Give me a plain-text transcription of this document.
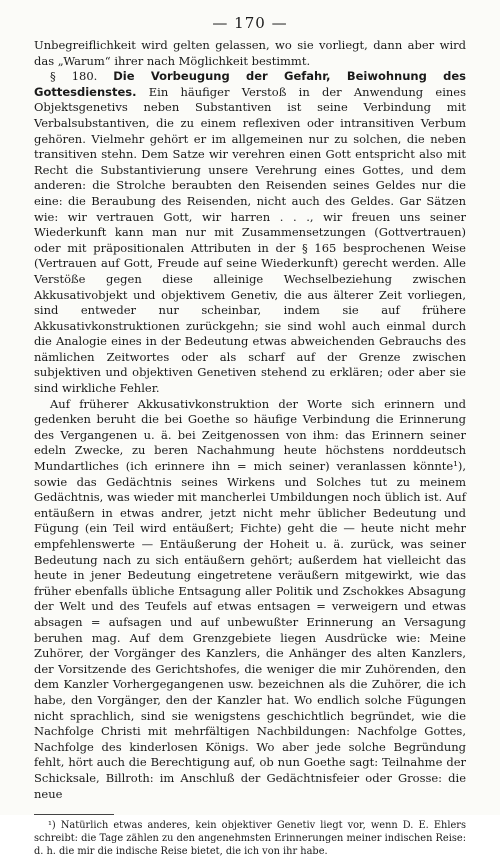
— 170 —

Unbegreiflichkeit wird gelten gelassen, wo sie vorliegt, dann aber wird das „Warum“ ihrer nach Möglichkeit bestimmt.

§ 180. Die Vorbeugung der Gefahr, Beiwohnung des Gottesdienstes. Ein häufiger Verstoß in der Anwendung eines Objektsgenetivs neben Substantiven ist seine Verbindung mit Verbalsubstantiven, die zu einem reflexiven oder intransitiven Verbum gehören. Vielmehr gehört er im allgemeinen nur zu solchen, die neben transitiven stehn. Dem Satze wir verehren einen Gott entspricht also mit Recht die Substantivierung unsere Verehrung eines Gottes, und dem anderen: die Strolche beraubten den Reisenden seines Geldes nur die eine: die Beraubung des Reisenden, nicht auch des Geldes. Gar Sätzen wie: wir vertrauen Gott, wir harren . . ., wir freuen uns seiner Wiederkunft kann man nur mit Zusammensetzungen (Gottvertrauen) oder mit präpositionalen Attributen in der § 165 besprochenen Weise (Vertrauen auf Gott, Freude auf seine Wiederkunft) gerecht werden. Alle Verstöße gegen diese alleinige Wechselbeziehung zwischen Akkusativobjekt und objektivem Genetiv, die aus älterer Zeit vorliegen, sind entweder nur scheinbar, indem sie auf frühere Akkusativkonstruktionen zurückgehn; sie sind wohl auch einmal durch die Analogie eines in der Bedeutung etwas abweichenden Gebrauchs des nämlichen Zeitwortes oder als scharf auf der Grenze zwischen subjektiven und objektiven Genetiven stehend zu erklären; oder aber sie sind wirkliche Fehler.

Auf früherer Akkusativkonstruktion der Worte sich erinnern und gedenken beruht die bei Goethe so häufige Verbindung die Erinnerung des Vergangenen u. ä. bei Zeitgenossen von ihm: das Erinnern seiner edeln Zwecke, zu beren Nachahmung heute höchstens norddeutsch Mundartliches (ich erinnere ihn = mich seiner) veranlassen könnte¹), sowie das Gedächtnis seines Wirkens und Solches tut zu meinem Gedächtnis, was wieder mit mancherlei Umbildungen noch üblich ist. Auf entäußern in etwas andrer, jetzt nicht mehr üblicher Bedeutung und Fügung (ein Teil wird entäußert; Fichte) geht die — heute nicht mehr empfehlenswerte — Entäußerung der Hoheit u. ä. zurück, was seiner Bedeutung nach zu sich entäußern gehört; außerdem hat vielleicht das heute in jener Bedeutung eingetretene veräußern mitgewirkt, wie das früher ebenfalls übliche Entsagung aller Politik und Zschokkes Absagung der Welt und des Teufels auf etwas entsagen = verweigern und etwas absagen = aufsagen und auf unbewußter Erinnerung an Versagung beruhen mag. Auf dem Grenzgebiete liegen Ausdrücke wie: Meine Zuhörer, der Vorgänger des Kanzlers, die Anhänger des alten Kanzlers, der Vorsitzende des Gerichtshofes, die weniger die mir Zuhörenden, den dem Kanzler Vorhergegangenen usw. bezeichnen als die Zuhörer, die ich habe, den Vorgänger, den der Kanzler hat. Wo endlich solche Fügungen nicht sprachlich, sind sie wenigstens geschichtlich begründet, wie die Nachfolge Christi mit mehrfältigen Nachbildungen: Nachfolge Gottes, Nachfolge des kinderlosen Königs. Wo aber jede solche Begründung fehlt, hört auch die Berechtigung auf, ob nun Goethe sagt: Teilnahme der Schicksale, Billroth: im Anschluß der Gedächtnisfeier oder Grosse: die neue

¹) Natürlich etwas anderes, kein objektiver Genetiv liegt vor, wenn D. E. Ehlers schreibt: die Tage zählen zu den angenehmsten Erinnerungen meiner indischen Reise: d. h. die mir die indische Reise bietet, die ich von ihr habe.
